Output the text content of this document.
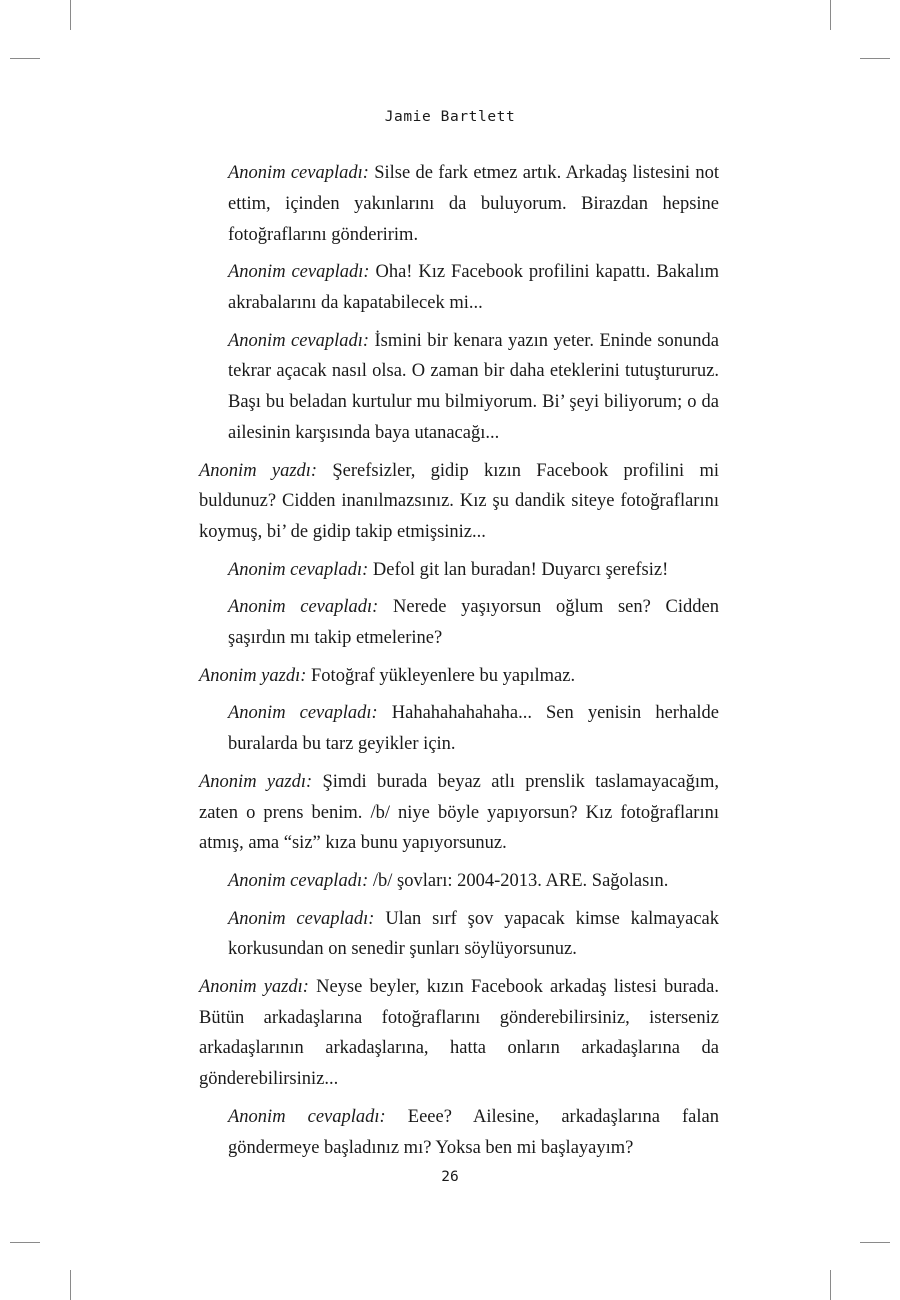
Jamie Bartlett

Anonim cevapladı: Silse de fark etmez artık. Arkadaş listesini not ettim, içinden yakınlarını da buluyorum. Birazdan hepsine fotoğraflarını gönderirim.

Anonim cevapladı: Oha! Kız Facebook profilini kapattı. Bakalım akrabalarını da kapatabilecek mi...

Anonim cevapladı: İsmini bir kenara yazın yeter. Eninde sonunda tekrar açacak nasıl olsa. O zaman bir daha eteklerini tutuştururuz. Başı bu beladan kurtulur mu bilmiyorum. Bi’ şeyi biliyorum; o da ailesinin karşısında baya utanacağı...

Anonim yazdı: Şerefsizler, gidip kızın Facebook profilini mi buldunuz? Cidden inanılmazsınız. Kız şu dandik siteye fotoğraflarını koymuş, bi’ de gidip takip etmişsiniz...

Anonim cevapladı: Defol git lan buradan! Duyarcı şerefsiz!

Anonim cevapladı: Nerede yaşıyorsun oğlum sen? Cidden şaşırdın mı takip etmelerine?

Anonim yazdı: Fotoğraf yükleyenlere bu yapılmaz.

Anonim cevapladı: Hahahahahahaha... Sen yenisin herhalde buralarda bu tarz geyikler için.

Anonim yazdı: Şimdi burada beyaz atlı prenslik taslamayacağım, zaten o prens benim. /b/ niye böyle yapıyorsun? Kız fotoğraflarını atmış, ama “siz” kıza bunu yapıyorsunuz.

Anonim cevapladı: /b/ şovları: 2004-2013. ARE. Sağolasın.

Anonim cevapladı: Ulan sırf şov yapacak kimse kalmayacak korkusundan on senedir şunları söylüyorsunuz.

Anonim yazdı: Neyse beyler, kızın Facebook arkadaş listesi burada. Bütün arkadaşlarına fotoğraflarını gönderebilirsiniz, isterseniz arkadaşlarının arkadaşlarına, hatta onların arkadaşlarına da gönderebilirsiniz...

Anonim cevapladı: Eeee? Ailesine, arkadaşlarına falan göndermeye başladınız mı? Yoksa ben mi başlayayım?

26
